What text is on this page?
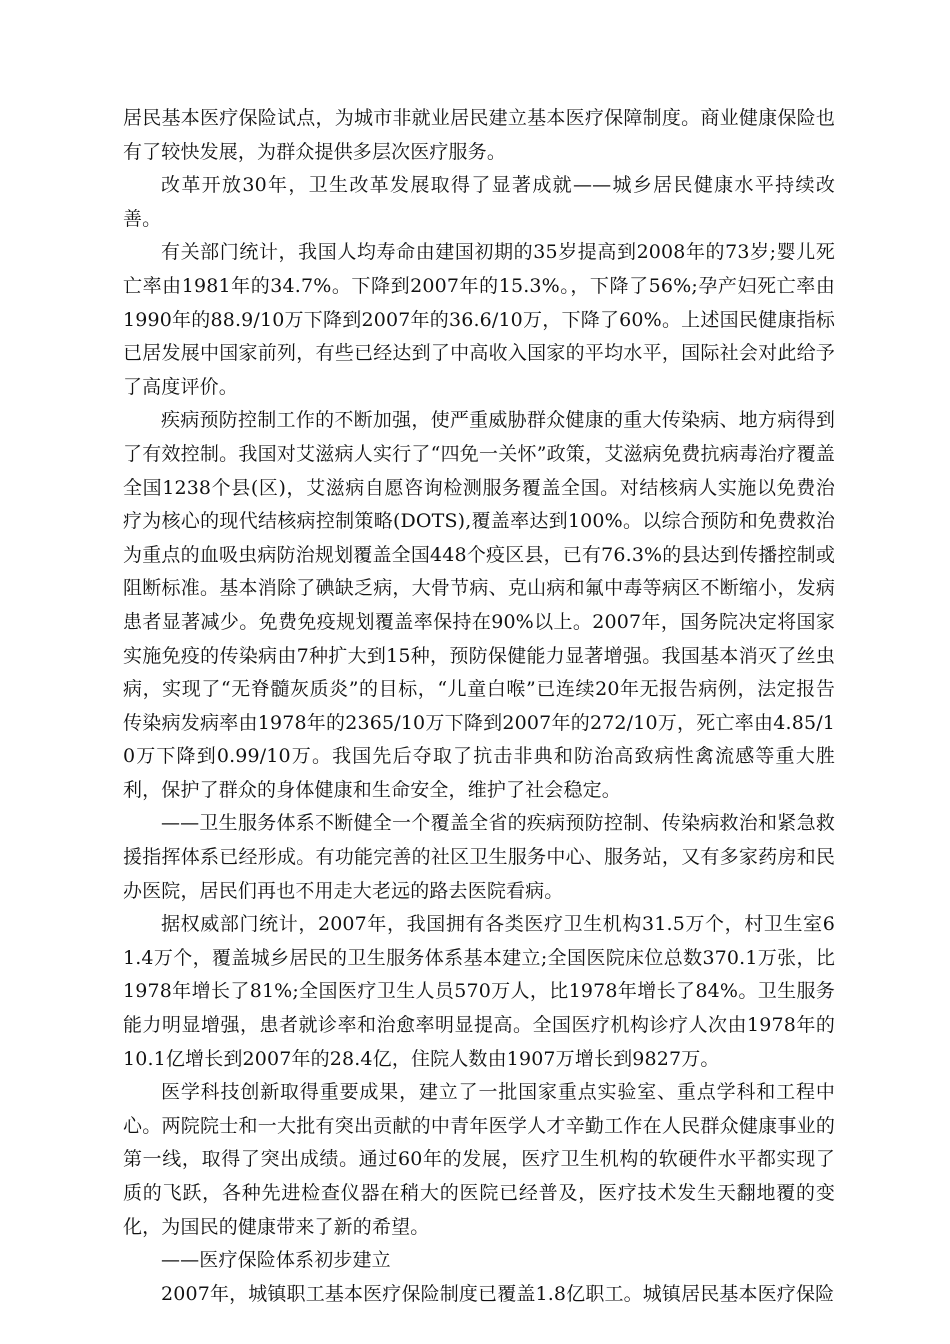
居民基本医疗保险试点，为城市非就业居民建立基本医疗保障制度。商业健康保险也有了较快发展，为群众提供多层次医疗服务。

改革开放30年，卫生改革发展取得了显著成就——城乡居民健康水平持续改善。

有关部门统计，我国人均寿命由建国初期的35岁提高到2008年的73岁;婴儿死亡率由1981年的34.7%。下降到2007年的15.3%。，下降了56%;孕产妇死亡率由1990年的88.9/10万下降到2007年的36.6/10万，下降了60%。上述国民健康指标已居发展中国家前列，有些已经达到了中高收入国家的平均水平，国际社会对此给予了高度评价。

疾病预防控制工作的不断加强，使严重威胁群众健康的重大传染病、地方病得到了有效控制。我国对艾滋病人实行了“四免一关怀”政策，艾滋病免费抗病毒治疗覆盖全国1238个县(区)，艾滋病自愿咨询检测服务覆盖全国。对结核病人实施以免费治疗为核心的现代结核病控制策略(DOTS),覆盖率达到100%。以综合预防和免费救治为重点的血吸虫病防治规划覆盖全国448个疫区县，已有76.3%的县达到传播控制或阻断标准。基本消除了碘缺乏病，大骨节病、克山病和氟中毒等病区不断缩小，发病患者显著减少。免费免疫规划覆盖率保持在90%以上。2007年，国务院决定将国家实施免疫的传染病由7种扩大到15种，预防保健能力显著增强。我国基本消灭了丝虫病，实现了“无脊髓灰质炎”的目标，“儿童白喉”已连续20年无报告病例，法定报告传染病发病率由1978年的2365/10万下降到2007年的272/10万，死亡率由4.85/10万下降到0.99/10万。我国先后夺取了抗击非典和防治高致病性禽流感等重大胜利，保护了群众的身体健康和生命安全，维护了社会稳定。

——卫生服务体系不断健全一个覆盖全省的疾病预防控制、传染病救治和紧急救援指挥体系已经形成。有功能完善的社区卫生服务中心、服务站，又有多家药房和民办医院，居民们再也不用走大老远的路去医院看病。

据权威部门统计，2007年，我国拥有各类医疗卫生机构31.5万个，村卫生室61.4万个，覆盖城乡居民的卫生服务体系基本建立;全国医院床位总数370.1万张，比1978年增长了81%;全国医疗卫生人员570万人，比1978年增长了84%。卫生服务能力明显增强，患者就诊率和治愈率明显提高。全国医疗机构诊疗人次由1978年的10.1亿增长到2007年的28.4亿，住院人数由1907万增长到9827万。

医学科技创新取得重要成果，建立了一批国家重点实验室、重点学科和工程中心。两院院士和一大批有突出贡献的中青年医学人才辛勤工作在人民群众健康事业的第一线，取得了突出成绩。通过60年的发展，医疗卫生机构的软硬件水平都实现了质的飞跃，各种先进检查仪器在稍大的医院已经普及，医疗技术发生天翻地覆的变化，为国民的健康带来了新的希望。

——医疗保险体系初步建立

2007年，城镇职工基本医疗保险制度已覆盖1.8亿职工。城镇居民基本医疗保险
